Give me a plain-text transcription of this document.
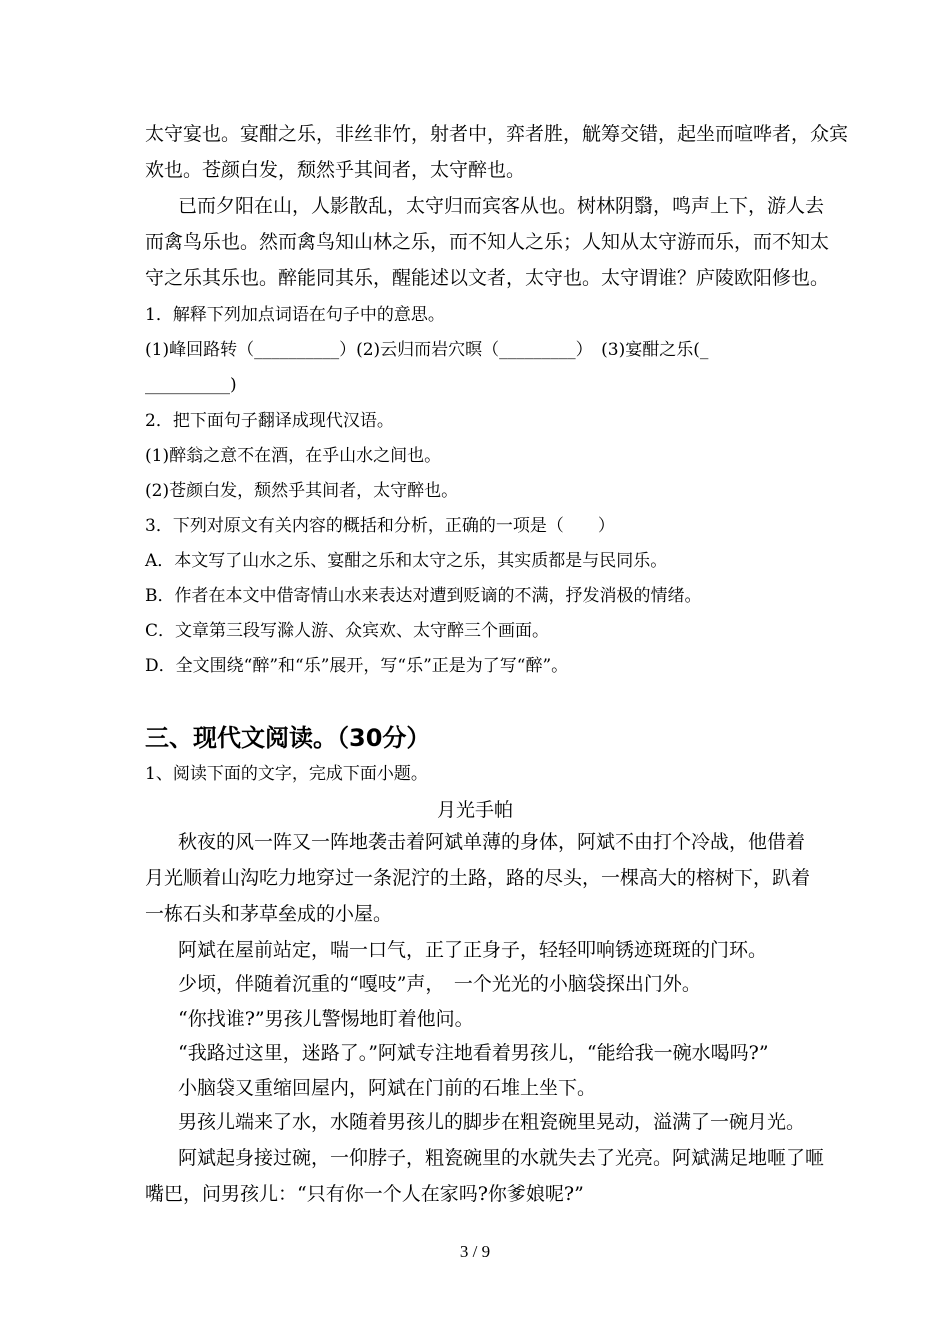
太守宴也。宴酣之乐，非丝非竹，射者中，弈者胜，觥筹交错，起坐而喧哗者，众宾
欢也。苍颜白发，颓然乎其间者，太守醉也。
已而夕阳在山，人影散乱，太守归而宾客从也。树林阴翳，鸣声上下，游人去
而禽鸟乐也。然而禽鸟知山林之乐，而不知人之乐；人知从太守游而乐，而不知太
守之乐其乐也。醉能同其乐，醒能述以文者，太守也。太守谓谁？庐陵欧阳修也。
1．解释下列加点词语在句子中的意思。
(1)峰回路转（__________）(2)云归而岩穴暝（_________）　(3)宴酣之乐(_
__________)
2．把下面句子翻译成现代汉语。
(1)醉翁之意不在酒，在乎山水之间也。
(2)苍颜白发，颓然乎其间者，太守醉也。
3．下列对原文有关内容的概括和分析，正确的一项是（　　）
A．本文写了山水之乐、宴酣之乐和太守之乐，其实质都是与民同乐。
B．作者在本文中借寄情山水来表达对遭到贬谪的不满，抒发消极的情绪。
C．文章第三段写滁人游、众宾欢、太守醉三个画面。
D．全文围绕“醉”和“乐”展开，写“乐”正是为了写“醉”。
三、现代文阅读。（30分）
1、阅读下面的文字，完成下面小题。
月光手帕
秋夜的风一阵又一阵地袭击着阿斌单薄的身体，阿斌不由打个冷战，他借着
月光顺着山沟吃力地穿过一条泥泞的土路，路的尽头，一棵高大的榕树下，趴着
一栋石头和茅草垒成的小屋。
阿斌在屋前站定，喘一口气，正了正身子，轻轻叩响锈迹斑斑的门环。
少顷，伴随着沉重的“嘎吱”声，　一个光光的小脑袋探出门外。
“你找谁?”男孩儿警惕地盯着他问。
“我路过这里，迷路了。”阿斌专注地看着男孩儿，“能给我一碗水喝吗?”
小脑袋又重缩回屋内，阿斌在门前的石堆上坐下。
男孩儿端来了水，水随着男孩儿的脚步在粗瓷碗里晃动，溢满了一碗月光。
阿斌起身接过碗，一仰脖子，粗瓷碗里的水就失去了光亮。阿斌满足地咂了咂
嘴巴，问男孩儿：“只有你一个人在家吗?你爹娘呢?”
3 / 9
